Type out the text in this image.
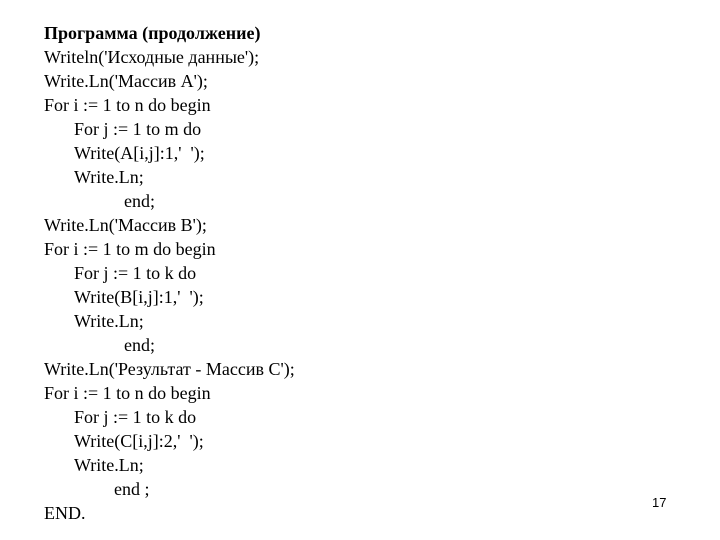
Программа (продолжение)
Writeln('Исходные данные');
Write.Ln('Массив А');
For i := 1 to n do begin
For j := 1 to m do
Write(A[i,j]:1,'  ');
Write.Ln;
end;
Write.Ln('Массив B');
For i := 1 to m do begin
For j := 1 to k do
Write(B[i,j]:1,'  ');
Write.Ln;
end;
Write.Ln('Результат - Массив C');
For i := 1 to n do begin
For j := 1 to k do
Write(C[i,j]:2,'  ');
Write.Ln;
end ;
END.
17
